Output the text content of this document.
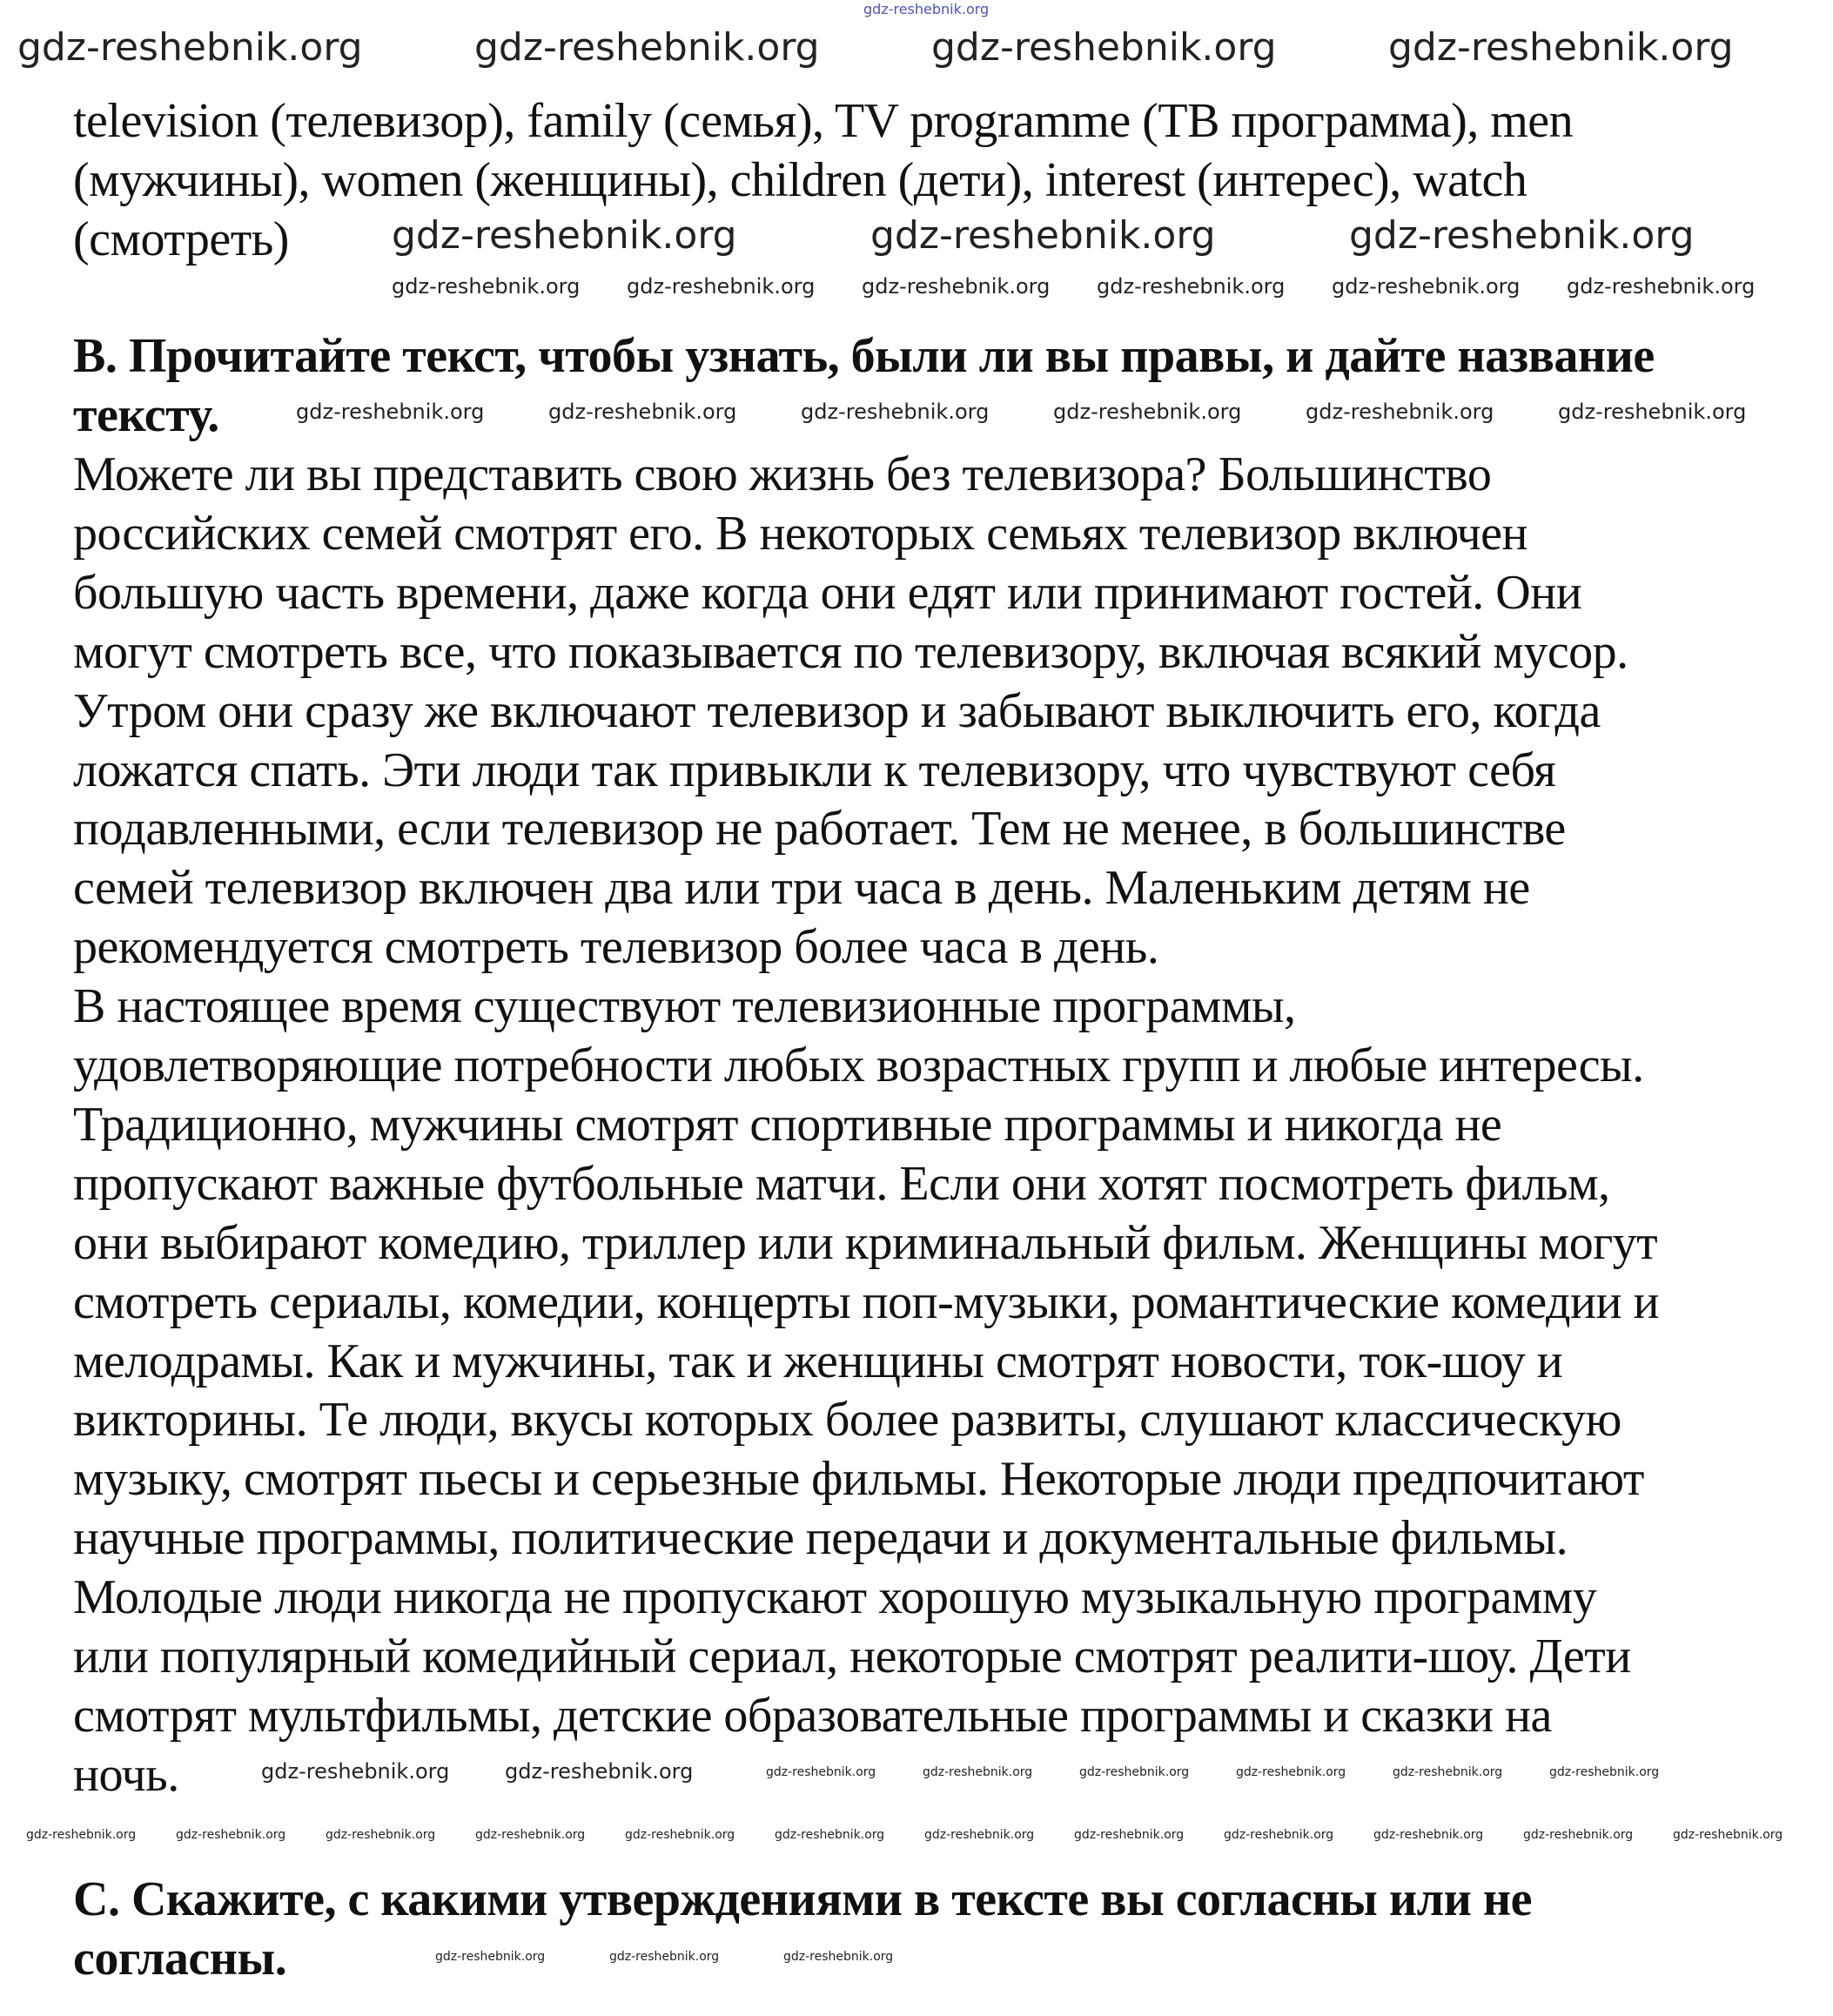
gdz-reshebnik.org
television (телевизор), family (семья), TV programme (ТВ программа), men
(мужчины), women (женщины), children (дети), interest (интерес), watch
(смотреть)
B. Прочитайте текст, чтобы узнать, были ли вы правы, и дайте название
тексту.
Можете ли вы представить свою жизнь без телевизора? Большинство
российских семей смотрят его. В некоторых семьях телевизор включен
большую часть времени, даже когда они едят или принимают гостей. Они
могут смотреть все, что показывается по телевизору, включая всякий мусор.
Утром они сразу же включают телевизор и забывают выключить его, когда
ложатся спать. Эти люди так привыкли к телевизору, что чувствуют себя
подавленными, если телевизор не работает. Тем не менее, в большинстве
семей телевизор включен два или три часа в день. Маленьким детям не
рекомендуется смотреть телевизор более часа в день.
В настоящее время существуют телевизионные программы,
удовлетворяющие потребности любых возрастных групп и любые интересы.
Традиционно, мужчины смотрят спортивные программы и никогда не
пропускают важные футбольные матчи. Если они хотят посмотреть фильм,
они выбирают комедию, триллер или криминальный фильм. Женщины могут
смотреть сериалы, комедии, концерты поп-музыки, романтические комедии и
мелодрамы. Как и мужчины, так и женщины смотрят новости, ток-шоу и
викторины. Те люди, вкусы которых более развиты, слушают классическую
музыку, смотрят пьесы и серьезные фильмы. Некоторые люди предпочитают
научные программы, политические передачи и документальные фильмы.
Молодые люди никогда не пропускают хорошую музыкальную программу
или популярный комедийный сериал, некоторые смотрят реалити-шоу. Дети
смотрят мультфильмы, детские образовательные программы и сказки на
ночь.
C. Скажите, с какими утверждениями в тексте вы согласны или не
согласны.
gdz-reshebnik.org	gdz-reshebnik.org	gdz-reshebnik.org	gdz-reshebnik.org
gdz-reshebnik.org	gdz-reshebnik.org	gdz-reshebnik.org
gdz-reshebnik.org gdz-reshebnik.org gdz-reshebnik.org gdz-reshebnik.org gdz-reshebnik.org gdz-reshebnik.org
gdz-reshebnik.org	gdz-reshebnik.org	gdz-reshebnik.org	gdz-reshebnik.org	gdz-reshebnik.org	gdz-reshebnik.org
gdz-reshebnik.org	gdz-reshebnik.org	gdz-reshebnik.org	gdz-reshebnik.org	gdz-reshebnik.org	gdz-reshebnik.org	gdz-reshebnik.org	gdz-reshebnik.org
gdz-reshebnik.org	gdz-reshebnik.org	gdz-reshebnik.org	gdz-reshebnik.org	gdz-reshebnik.org	gdz-reshebnik.org	gdz-reshebnik.org	gdz-reshebnik.org	gdz-reshebnik.org	gdz-reshebnik.org	gdz-reshebnik.org	gdz-reshebnik.org
gdz-reshebnik.org	gdz-reshebnik.org	gdz-reshebnik.org
